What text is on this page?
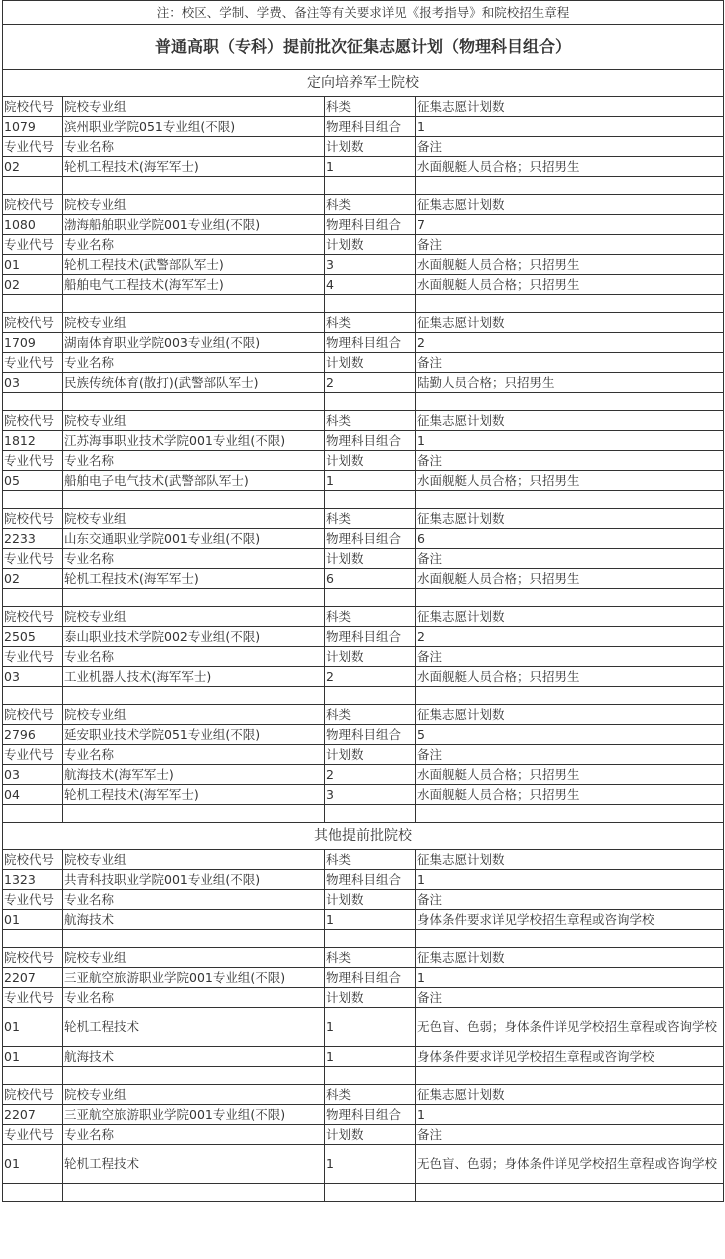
注：校区、学制、学费、备注等有关要求详见《报考指导》和院校招生章程			
普通高职（专科）提前批次征集志愿计划（物理科目组合）			
定向培养军士院校			
院校代号	院校专业组	科类	征集志愿计划数
1079	滨州职业学院051专业组(不限)	物理科目组合	1
专业代号	专业名称	计划数	备注
02	轮机工程技术(海军军士)	1	水面舰艇人员合格；只招男生

院校代号	院校专业组	科类	征集志愿计划数
1080	渤海船舶职业学院001专业组(不限)	物理科目组合	7
专业代号	专业名称	计划数	备注
01	轮机工程技术(武警部队军士)	3	水面舰艇人员合格；只招男生
02	船舶电气工程技术(海军军士)	4	水面舰艇人员合格；只招男生

院校代号	院校专业组	科类	征集志愿计划数
1709	湖南体育职业学院003专业组(不限)	物理科目组合	2
专业代号	专业名称	计划数	备注
03	民族传统体育(散打)(武警部队军士)	2	陆勤人员合格；只招男生

院校代号	院校专业组	科类	征集志愿计划数
1812	江苏海事职业技术学院001专业组(不限)	物理科目组合	1
专业代号	专业名称	计划数	备注
05	船舶电子电气技术(武警部队军士)	1	水面舰艇人员合格；只招男生

院校代号	院校专业组	科类	征集志愿计划数
2233	山东交通职业学院001专业组(不限)	物理科目组合	6
专业代号	专业名称	计划数	备注
02	轮机工程技术(海军军士)	6	水面舰艇人员合格；只招男生

院校代号	院校专业组	科类	征集志愿计划数
2505	泰山职业技术学院002专业组(不限)	物理科目组合	2
专业代号	专业名称	计划数	备注
03	工业机器人技术(海军军士)	2	水面舰艇人员合格；只招男生

院校代号	院校专业组	科类	征集志愿计划数
2796	延安职业技术学院051专业组(不限)	物理科目组合	5
专业代号	专业名称	计划数	备注
03	航海技术(海军军士)	2	水面舰艇人员合格；只招男生
04	轮机工程技术(海军军士)	3	水面舰艇人员合格；只招男生

其他提前批院校			
院校代号	院校专业组	科类	征集志愿计划数
1323	共青科技职业学院001专业组(不限)	物理科目组合	1
专业代号	专业名称	计划数	备注
01	航海技术	1	身体条件要求详见学校招生章程或咨询学校

院校代号	院校专业组	科类	征集志愿计划数
2207	三亚航空旅游职业学院001专业组(不限)	物理科目组合	1
专业代号	专业名称	计划数	备注
01	轮机工程技术	1	无色盲、色弱；身体条件详见学校招生章程或咨询学校
01	航海技术	1	身体条件要求详见学校招生章程或咨询学校

院校代号	院校专业组	科类	征集志愿计划数
2207	三亚航空旅游职业学院001专业组(不限)	物理科目组合	1
专业代号	专业名称	计划数	备注
01	轮机工程技术	1	无色盲、色弱；身体条件详见学校招生章程或咨询学校
